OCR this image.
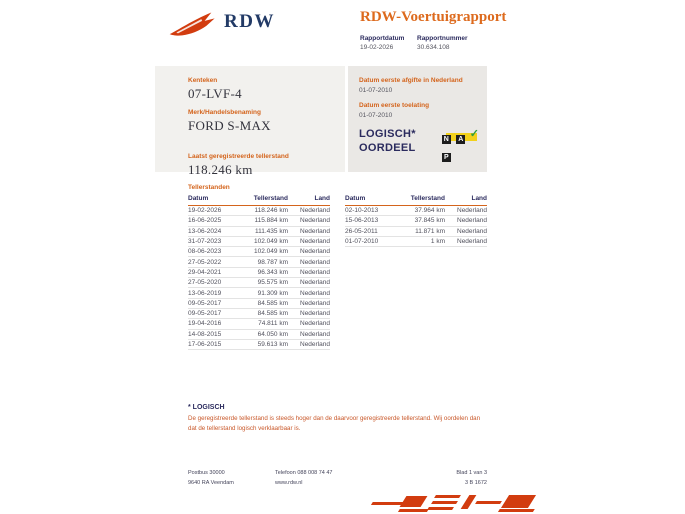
RDW	RDW-Voertuigrapport
Rapportdatum
19-02-2026
Rapportnummer
30.634.108
Kenteken
07-LVF-4
Merk/Handelsbenaming
FORD S-MAX
Laatst geregistreerde tellerstand
118.246 km
Datum eerste afgifte in Nederland
01-07-2010
Datum eerste toelating
01-07-2010
LOGISCH*
OORDEEL
N A P
✓
Tellerstanden
Datum	Tellerstand	Land
19-02-2026	118.246 km	Nederland
16-06-2025	115.884 km	Nederland
13-06-2024	111.435 km	Nederland
31-07-2023	102.049 km	Nederland
08-06-2023	102.049 km	Nederland
27-05-2022	98.787 km	Nederland
29-04-2021	96.343 km	Nederland
27-05-2020	95.575 km	Nederland
13-06-2019	91.309 km	Nederland
09-05-2017	84.585 km	Nederland
09-05-2017	84.585 km	Nederland
19-04-2016	74.811 km	Nederland
14-08-2015	64.050 km	Nederland
17-06-2015	59.613 km	Nederland
Datum	Tellerstand	Land
02-10-2013	37.964 km	Nederland
15-06-2013	37.845 km	Nederland
26-05-2011	11.871 km	Nederland
01-07-2010	1 km	Nederland
* LOGISCH
De geregistreerde tellerstand is steeds hoger dan de daarvoor geregistreerde tellerstand. Wij oordelen dan dat de tellerstand logisch verklaarbaar is.
Postbus 30000
9640 RA Veendam
Telefoon 088 008 74 47
www.rdw.nl
Blad 1 van 3
3 B 1672
